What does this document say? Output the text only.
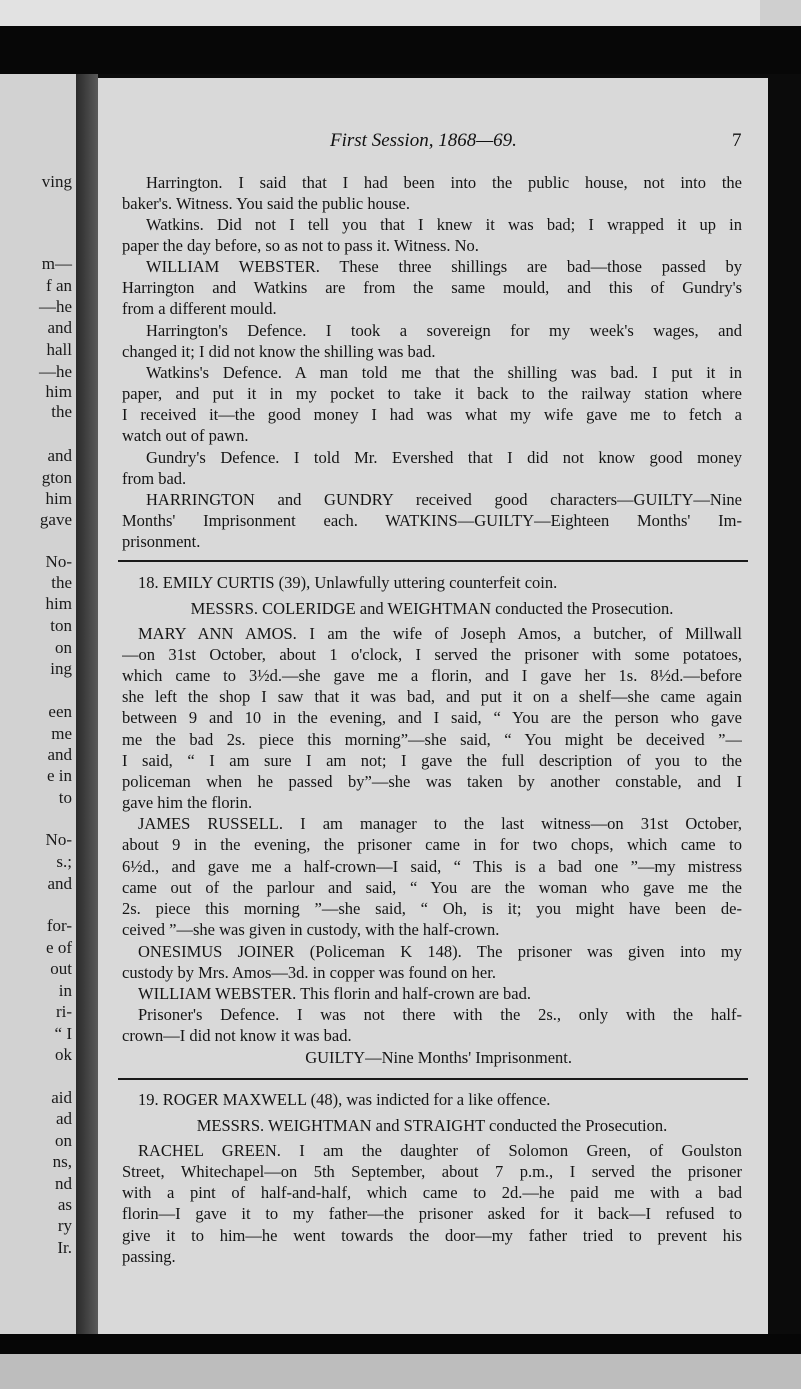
ving
m—
f an
—he
and
hall
—he
him
the
and
gton
him
gave
No-
the
him
ton
on
ing
een
me
and
e in
to
No-
s.;
and
for-
e of
out
in
ri-
“ I
ok
aid
ad
on
ns,
nd
as
ry
Ir.
First Session, 1868—69.	7
Harrington. I said that I had been into the public house, not into the
baker's. Witness. You said the public house.
Watkins. Did not I tell you that I knew it was bad; I wrapped it up in
paper the day before, so as not to pass it. Witness. No.
WILLIAM WEBSTER. These three shillings are bad—those passed by
Harrington and Watkins are from the same mould, and this of Gundry's
from a different mould.
Harrington's Defence. I took a sovereign for my week's wages, and
changed it; I did not know the shilling was bad.
Watkins's Defence. A man told me that the shilling was bad. I put it in
paper, and put it in my pocket to take it back to the railway station where
I received it—the good money I had was what my wife gave me to fetch a
watch out of pawn.
Gundry's Defence. I told Mr. Evershed that I did not know good money
from bad.
HARRINGTON and GUNDRY received good characters—GUILTY—Nine
Months' Imprisonment each. WATKINS—GUILTY—Eighteen Months' Im-
prisonment.
18. EMILY CURTIS (39), Unlawfully uttering counterfeit coin.
MESSRS. COLERIDGE and WEIGHTMAN conducted the Prosecution.
MARY ANN AMOS. I am the wife of Joseph Amos, a butcher, of Millwall
—on 31st October, about 1 o'clock, I served the prisoner with some potatoes,
which came to 3½d.—she gave me a florin, and I gave her 1s. 8½d.—before
she left the shop I saw that it was bad, and put it on a shelf—she came again
between 9 and 10 in the evening, and I said, “ You are the person who gave
me the bad 2s. piece this morning”—she said, “ You might be deceived ”—
I said, “ I am sure I am not; I gave the full description of you to the
policeman when he passed by”—she was taken by another constable, and I
gave him the florin.
JAMES RUSSELL. I am manager to the last witness—on 31st October,
about 9 in the evening, the prisoner came in for two chops, which came to
6½d., and gave me a half-crown—I said, “ This is a bad one ”—my mistress
came out of the parlour and said, “ You are the woman who gave me the
2s. piece this morning ”—she said, “ Oh, is it; you might have been de-
ceived ”—she was given in custody, with the half-crown.
ONESIMUS JOINER (Policeman K 148). The prisoner was given into my
custody by Mrs. Amos—3d. in copper was found on her.
WILLIAM WEBSTER. This florin and half-crown are bad.
Prisoner's Defence. I was not there with the 2s., only with the half-
crown—I did not know it was bad.
GUILTY—Nine Months' Imprisonment.
19. ROGER MAXWELL (48), was indicted for a like offence.
MESSRS. WEIGHTMAN and STRAIGHT conducted the Prosecution.
RACHEL GREEN. I am the daughter of Solomon Green, of Goulston
Street, Whitechapel—on 5th September, about 7 p.m., I served the prisoner
with a pint of half-and-half, which came to 2d.—he paid me with a bad
florin—I gave it to my father—the prisoner asked for it back—I refused to
give it to him—he went towards the door—my father tried to prevent his
passing.
